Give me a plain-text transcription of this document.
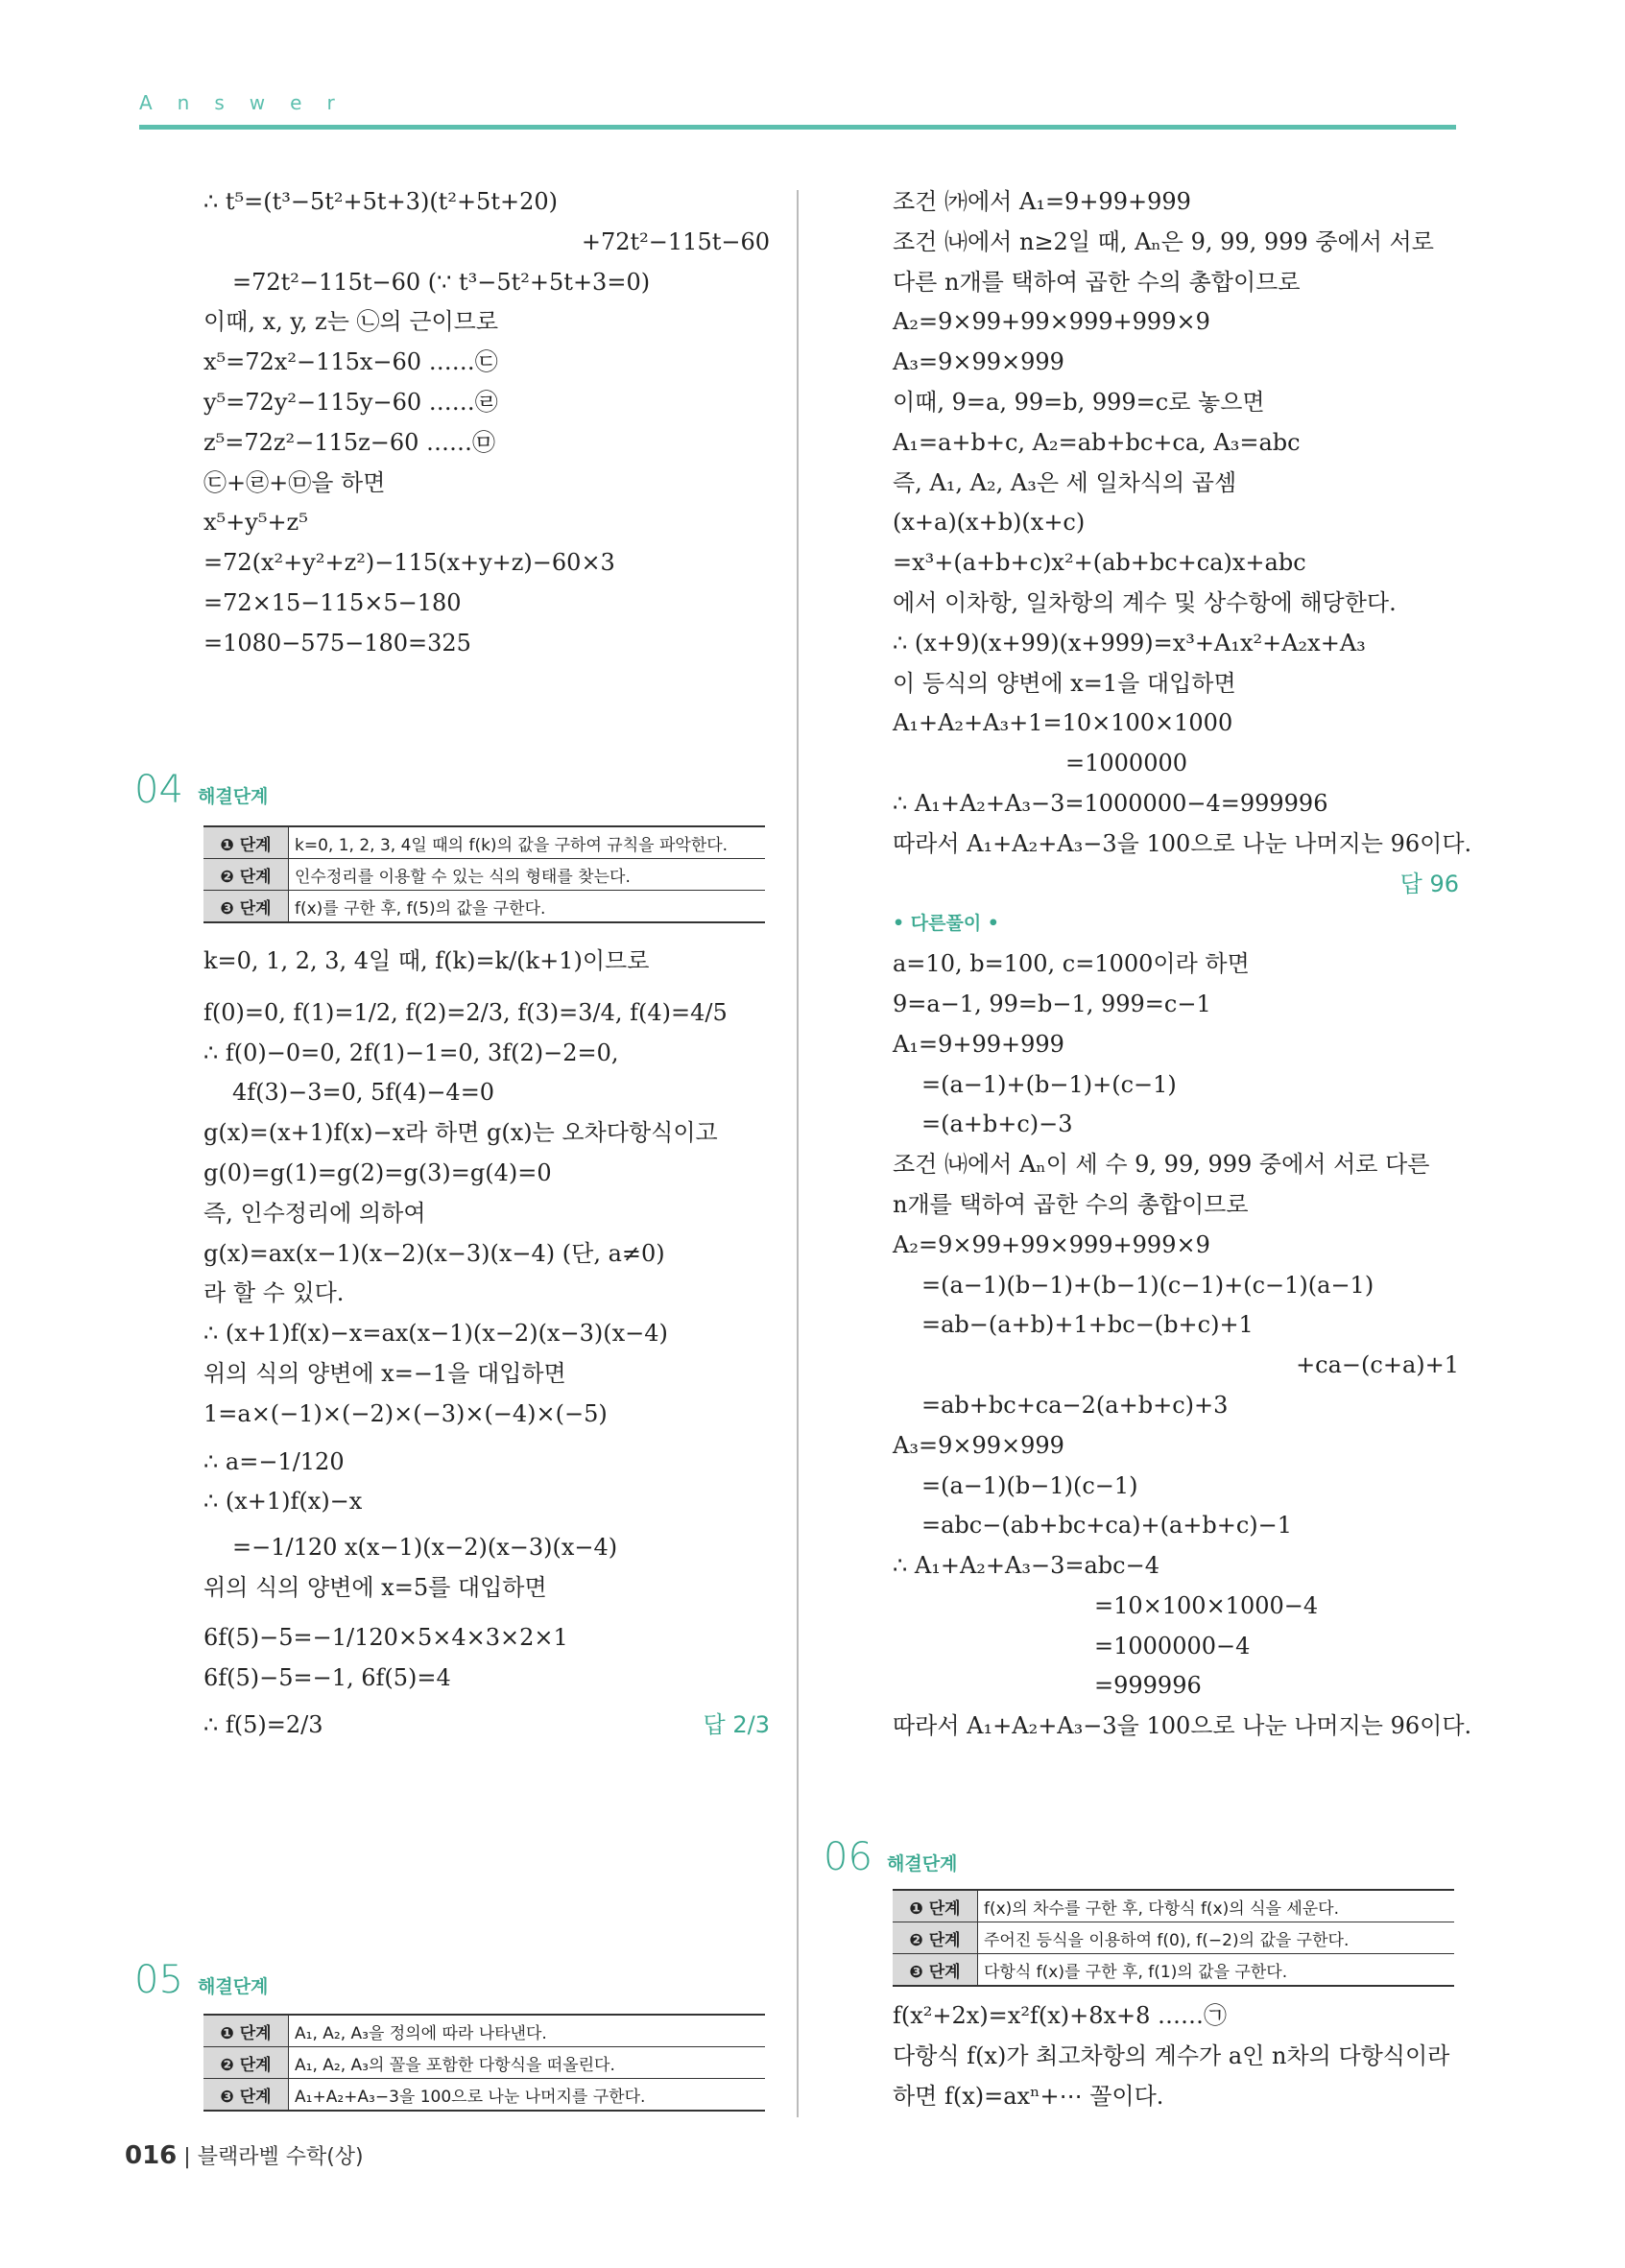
Answer
∴ t⁵=(t³−5t²+5t+3)(t²+5t+20)
+72t²−115t−60
=72t²−115t−60 (∵ t³−5t²+5t+3=0)
이때, x, y, z는 ㉡의 근이므로
x⁵=72x²−115x−60 ……㉢
y⁵=72y²−115y−60 ……㉣
z⁵=72z²−115z−60 ……㉤
㉢+㉣+㉤을 하면
x⁵+y⁵+z⁵
=72(x²+y²+z²)−115(x+y+z)−60×3
=72×15−115×5−180
=1080−575−180=325
04 해결단계
❶ 단계	k=0, 1, 2, 3, 4일 때의 f(k)의 값을 구하여 규칙을 파악한다.
❷ 단계	인수정리를 이용할 수 있는 식의 형태를 찾는다.
❸ 단계	f(x)를 구한 후, f(5)의 값을 구한다.
k=0, 1, 2, 3, 4일 때, f(k)=k/(k+1)이므로
f(0)=0, f(1)=1/2, f(2)=2/3, f(3)=3/4, f(4)=4/5
∴ f(0)−0=0, 2f(1)−1=0, 3f(2)−2=0,
4f(3)−3=0, 5f(4)−4=0
g(x)=(x+1)f(x)−x라 하면 g(x)는 오차다항식이고
g(0)=g(1)=g(2)=g(3)=g(4)=0
즉, 인수정리에 의하여
g(x)=ax(x−1)(x−2)(x−3)(x−4) (단, a≠0)
라 할 수 있다.
∴ (x+1)f(x)−x=ax(x−1)(x−2)(x−3)(x−4)
위의 식의 양변에 x=−1을 대입하면
1=a×(−1)×(−2)×(−3)×(−4)×(−5)
∴ a=−1/120
∴ (x+1)f(x)−x
=−1/120 x(x−1)(x−2)(x−3)(x−4)
위의 식의 양변에 x=5를 대입하면
6f(5)−5=−1/120×5×4×3×2×1
6f(5)−5=−1, 6f(5)=4
∴ f(5)=2/3	답 2/3
05 해결단계
❶ 단계	A₁, A₂, A₃을 정의에 따라 나타낸다.
❷ 단계	A₁, A₂, A₃의 꼴을 포함한 다항식을 떠올린다.
❸ 단계	A₁+A₂+A₃−3을 100으로 나눈 나머지를 구한다.
조건 ㈎에서 A₁=9+99+999
조건 ㈏에서 n≥2일 때, Aₙ은 9, 99, 999 중에서 서로
다른 n개를 택하여 곱한 수의 총합이므로
A₂=9×99+99×999+999×9
A₃=9×99×999
이때, 9=a, 99=b, 999=c로 놓으면
A₁=a+b+c, A₂=ab+bc+ca, A₃=abc
즉, A₁, A₂, A₃은 세 일차식의 곱셈
(x+a)(x+b)(x+c)
=x³+(a+b+c)x²+(ab+bc+ca)x+abc
에서 이차항, 일차항의 계수 및 상수항에 해당한다.
∴ (x+9)(x+99)(x+999)=x³+A₁x²+A₂x+A₃
이 등식의 양변에 x=1을 대입하면
A₁+A₂+A₃+1=10×100×1000
=1000000
∴ A₁+A₂+A₃−3=1000000−4=999996
따라서 A₁+A₂+A₃−3을 100으로 나눈 나머지는 96이다.
답 96
• 다른풀이 •
a=10, b=100, c=1000이라 하면
9=a−1, 99=b−1, 999=c−1
A₁=9+99+999
=(a−1)+(b−1)+(c−1)
=(a+b+c)−3
조건 ㈏에서 Aₙ이 세 수 9, 99, 999 중에서 서로 다른
n개를 택하여 곱한 수의 총합이므로
A₂=9×99+99×999+999×9
=(a−1)(b−1)+(b−1)(c−1)+(c−1)(a−1)
=ab−(a+b)+1+bc−(b+c)+1
+ca−(c+a)+1
=ab+bc+ca−2(a+b+c)+3
A₃=9×99×999
=(a−1)(b−1)(c−1)
=abc−(ab+bc+ca)+(a+b+c)−1
∴ A₁+A₂+A₃−3=abc−4
=10×100×1000−4
=1000000−4
=999996
따라서 A₁+A₂+A₃−3을 100으로 나눈 나머지는 96이다.
06 해결단계
❶ 단계	f(x)의 차수를 구한 후, 다항식 f(x)의 식을 세운다.
❷ 단계	주어진 등식을 이용하여 f(0), f(−2)의 값을 구한다.
❸ 단계	다항식 f(x)를 구한 후, f(1)의 값을 구한다.
f(x²+2x)=x²f(x)+8x+8 ……㉠
다항식 f(x)가 최고차항의 계수가 a인 n차의 다항식이라
하면 f(x)=axⁿ+⋯ 꼴이다.
016 | 블랙라벨 수학(상)
